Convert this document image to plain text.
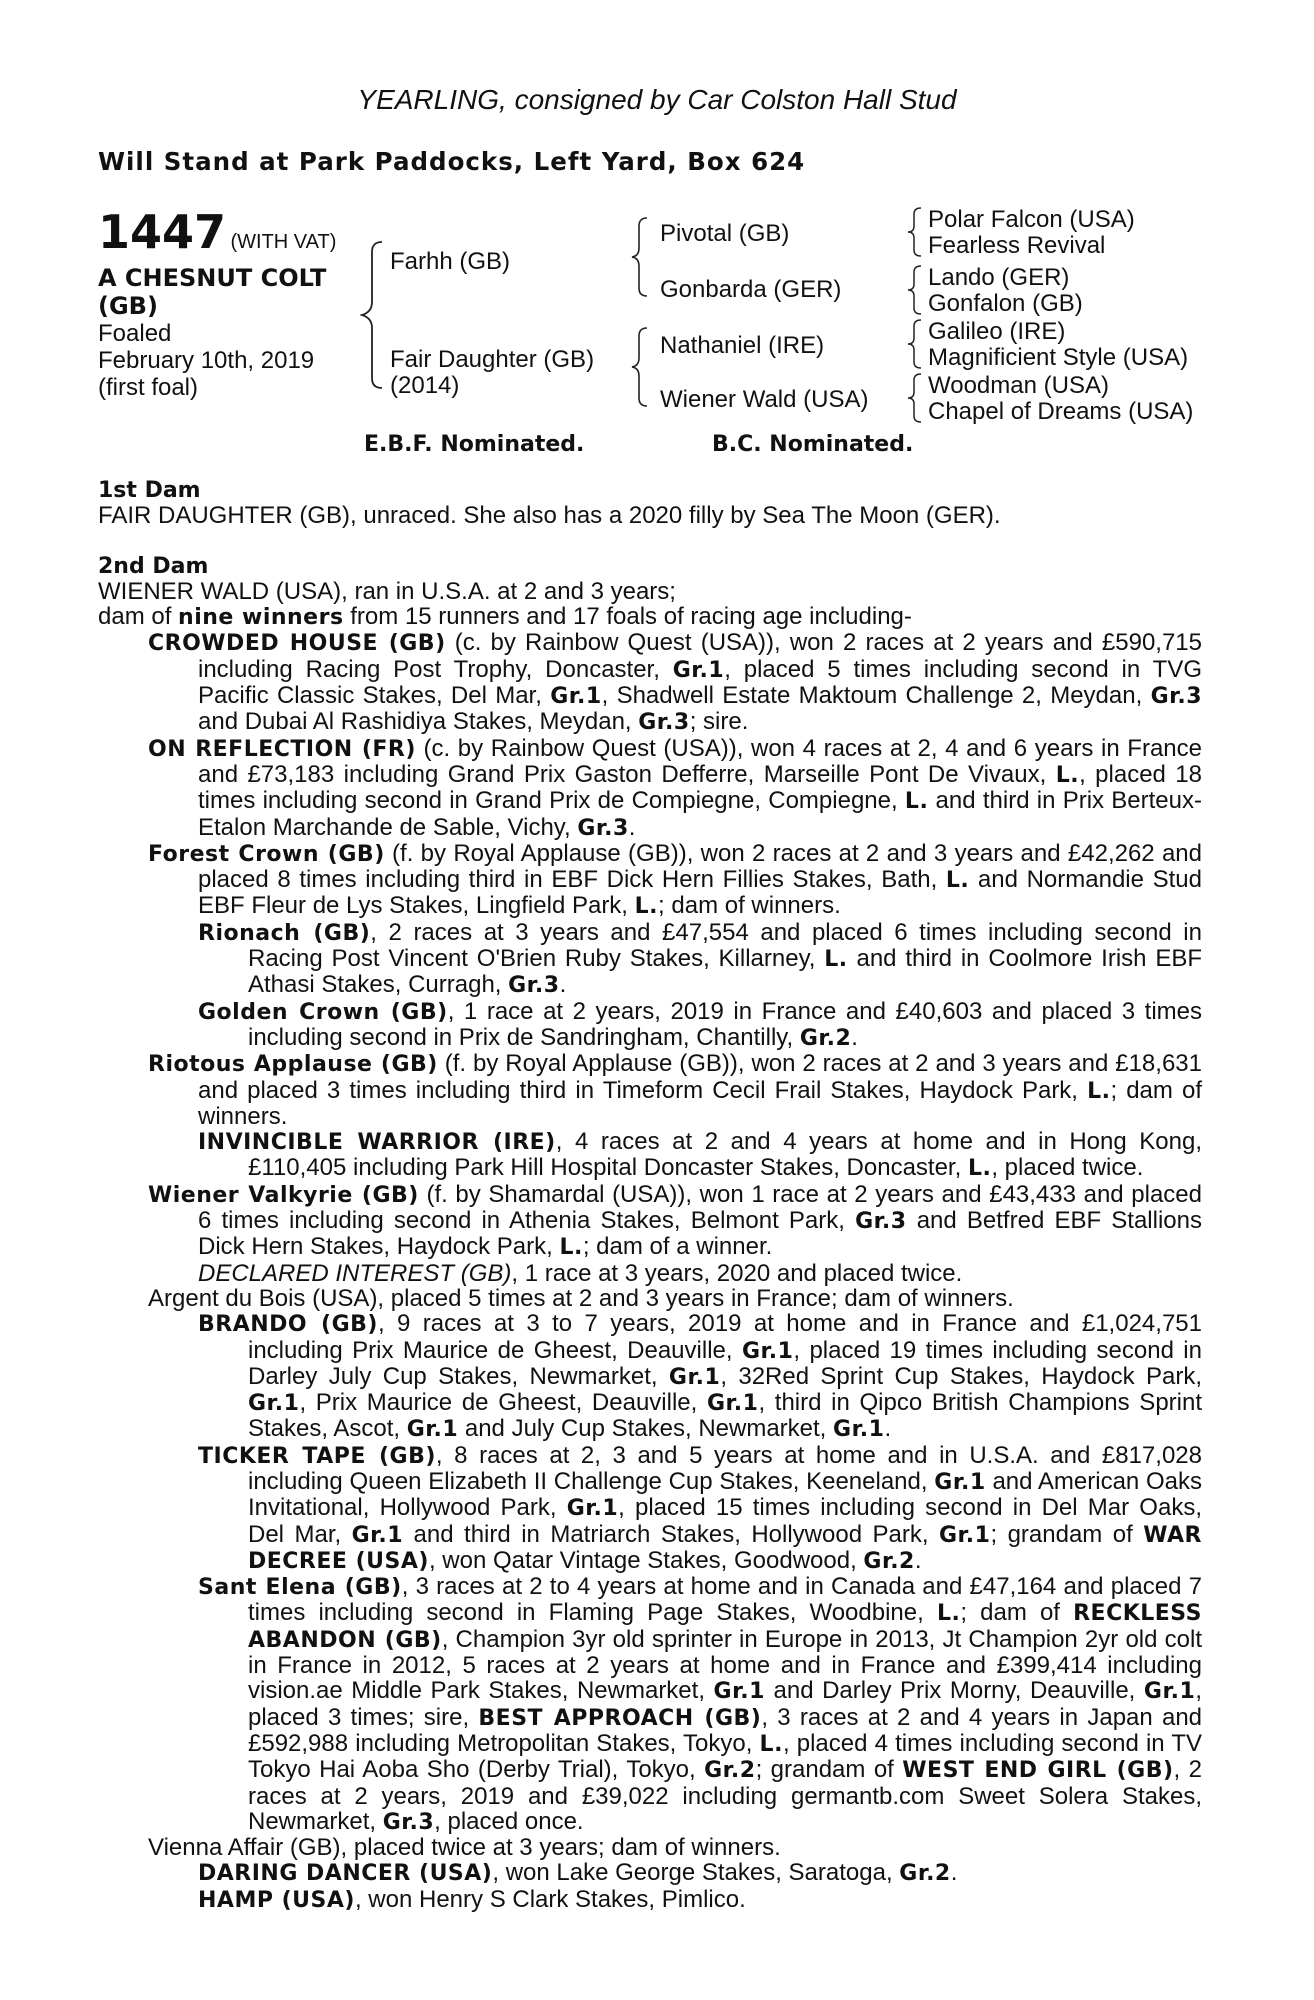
YEARLING, consigned by Car Colston Hall Stud
Will Stand at Park Paddocks, Left Yard, Box 624
1447 (WITH VAT)
A CHESNUT COLT
(GB)
Foaled
February 10th, 2019
(first foal)
Farhh (GB)
Fair Daughter (GB)
(2014)
Pivotal (GB)
Gonbarda (GER)
Nathaniel (IRE)
Wiener Wald (USA)
Polar Falcon (USA)
Fearless Revival
Lando (GER)
Gonfalon (GB)
Galileo (IRE)
Magnificient Style (USA)
Woodman (USA)
Chapel of Dreams (USA)
E.B.F. Nominated.	B.C. Nominated.
1st Dam
FAIR DAUGHTER (GB), unraced. She also has a 2020 filly by Sea The Moon (GER).
2nd Dam
WIENER WALD (USA), ran in U.S.A. at 2 and 3 years;
dam of nine winners from 15 runners and 17 foals of racing age including-
CROWDED HOUSE (GB) (c. by Rainbow Quest (USA)), won 2 races at 2 years and £590,715 including Racing Post Trophy, Doncaster, Gr.1, placed 5 times including second in TVG Pacific Classic Stakes, Del Mar, Gr.1, Shadwell Estate Maktoum Challenge 2, Meydan, Gr.3 and Dubai Al Rashidiya Stakes, Meydan, Gr.3; sire.
ON REFLECTION (FR) (c. by Rainbow Quest (USA)), won 4 races at 2, 4 and 6 years in France and £73,183 including Grand Prix Gaston Defferre, Marseille Pont De Vivaux, L., placed 18 times including second in Grand Prix de Compiegne, Compiegne, L. and third in Prix Berteux-Etalon Marchande de Sable, Vichy, Gr.3.
Forest Crown (GB) (f. by Royal Applause (GB)), won 2 races at 2 and 3 years and £42,262 and placed 8 times including third in EBF Dick Hern Fillies Stakes, Bath, L. and Normandie Stud EBF Fleur de Lys Stakes, Lingfield Park, L.; dam of winners.
Rionach (GB), 2 races at 3 years and £47,554 and placed 6 times including second in Racing Post Vincent O'Brien Ruby Stakes, Killarney, L. and third in Coolmore Irish EBF Athasi Stakes, Curragh, Gr.3.
Golden Crown (GB), 1 race at 2 years, 2019 in France and £40,603 and placed 3 times including second in Prix de Sandringham, Chantilly, Gr.2.
Riotous Applause (GB) (f. by Royal Applause (GB)), won 2 races at 2 and 3 years and £18,631 and placed 3 times including third in Timeform Cecil Frail Stakes, Haydock Park, L.; dam of winners.
INVINCIBLE WARRIOR (IRE), 4 races at 2 and 4 years at home and in Hong Kong, £110,405 including Park Hill Hospital Doncaster Stakes, Doncaster, L., placed twice.
Wiener Valkyrie (GB) (f. by Shamardal (USA)), won 1 race at 2 years and £43,433 and placed 6 times including second in Athenia Stakes, Belmont Park, Gr.3 and Betfred EBF Stallions Dick Hern Stakes, Haydock Park, L.; dam of a winner.
DECLARED INTEREST (GB), 1 race at 3 years, 2020 and placed twice.
Argent du Bois (USA), placed 5 times at 2 and 3 years in France; dam of winners.
BRANDO (GB), 9 races at 3 to 7 years, 2019 at home and in France and £1,024,751 including Prix Maurice de Gheest, Deauville, Gr.1, placed 19 times including second in Darley July Cup Stakes, Newmarket, Gr.1, 32Red Sprint Cup Stakes, Haydock Park, Gr.1, Prix Maurice de Gheest, Deauville, Gr.1, third in Qipco British Champions Sprint Stakes, Ascot, Gr.1 and July Cup Stakes, Newmarket, Gr.1.
TICKER TAPE (GB), 8 races at 2, 3 and 5 years at home and in U.S.A. and £817,028 including Queen Elizabeth II Challenge Cup Stakes, Keeneland, Gr.1 and American Oaks Invitational, Hollywood Park, Gr.1, placed 15 times including second in Del Mar Oaks, Del Mar, Gr.1 and third in Matriarch Stakes, Hollywood Park, Gr.1; grandam of WAR DECREE (USA), won Qatar Vintage Stakes, Goodwood, Gr.2.
Sant Elena (GB), 3 races at 2 to 4 years at home and in Canada and £47,164 and placed 7 times including second in Flaming Page Stakes, Woodbine, L.; dam of RECKLESS ABANDON (GB), Champion 3yr old sprinter in Europe in 2013, Jt Champion 2yr old colt in France in 2012, 5 races at 2 years at home and in France and £399,414 including vision.ae Middle Park Stakes, Newmarket, Gr.1 and Darley Prix Morny, Deauville, Gr.1, placed 3 times; sire, BEST APPROACH (GB), 3 races at 2 and 4 years in Japan and £592,988 including Metropolitan Stakes, Tokyo, L., placed 4 times including second in TV Tokyo Hai Aoba Sho (Derby Trial), Tokyo, Gr.2; grandam of WEST END GIRL (GB), 2 races at 2 years, 2019 and £39,022 including germantb.com Sweet Solera Stakes, Newmarket, Gr.3, placed once.
Vienna Affair (GB), placed twice at 3 years; dam of winners.
DARING DANCER (USA), won Lake George Stakes, Saratoga, Gr.2.
HAMP (USA), won Henry S Clark Stakes, Pimlico.
